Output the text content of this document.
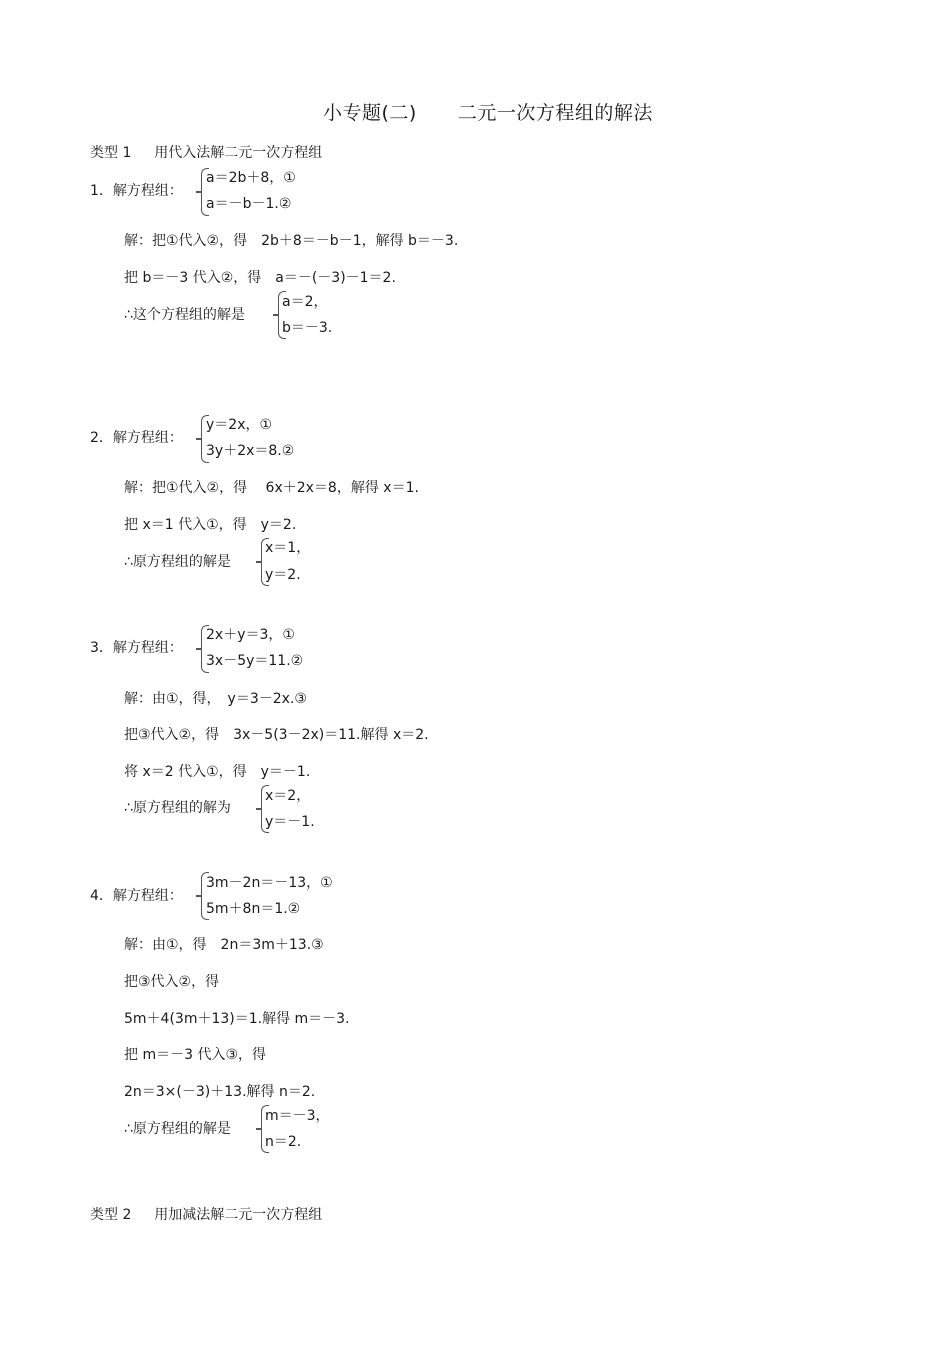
小专题(二) 二元一次方程组的解法
类型 1 用代入法解二元一次方程组
1．解方程组：
a＝2b＋8，①
a＝－b－1.②
解：把①代入②，得　2b＋8＝－b－1，解得 b＝－3.
把 b＝－3 代入②，得　a＝－(－3)－1＝2.
∴这个方程组的解是
a＝2，
b＝－3.
2．解方程组：
y＝2x，①
3y＋2x＝8.②
解：把①代入②，得　 6x＋2x＝8，解得 x＝1.
把 x＝1 代入①，得　y＝2.
∴原方程组的解是
x＝1，
y＝2.
3．解方程组：
2x＋y＝3，①
3x－5y＝11.②
解：由①，得，　y＝3－2x.③
把③代入②，得　3x－5(3－2x)＝11.解得 x＝2.
将 x＝2 代入①，得　y＝－1.
∴原方程组的解为
x＝2，
y＝－1.
4．解方程组：
3m－2n＝－13，①
5m＋8n＝1.②
解：由①，得　2n＝3m＋13.③
把③代入②，得
5m＋4(3m＋13)＝1.解得 m＝－3.
把 m＝－3 代入③，得
2n＝3×(－3)＋13.解得 n＝2.
∴原方程组的解是
m＝－3，
n＝2.
类型 2 用加减法解二元一次方程组
